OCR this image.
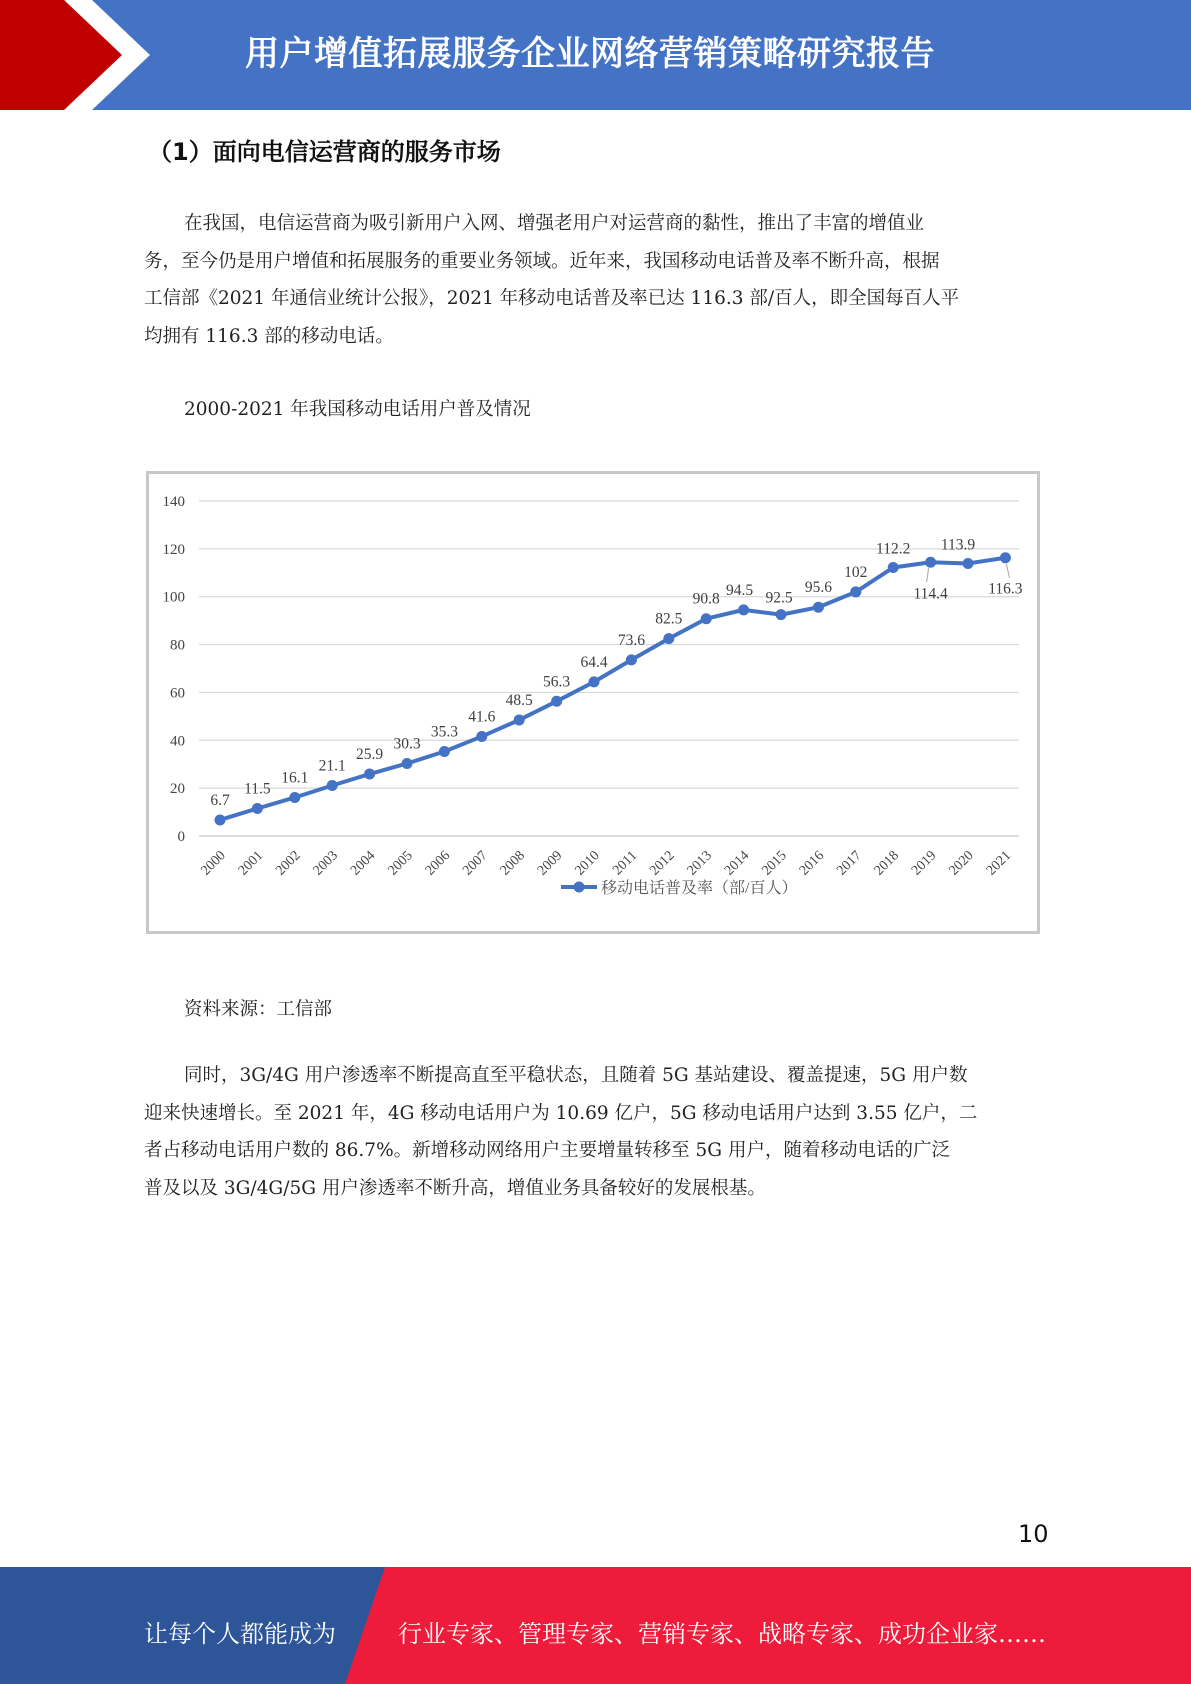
用户增值拓展服务企业网络营销策略研究报告
（1）面向电信运营商的服务市场
在我国，电信运营商为吸引新用户入网、增强老用户对运营商的黏性，推出了丰富的增值业
务，至今仍是用户增值和拓展服务的重要业务领域。近年来，我国移动电话普及率不断升高，根据
工信部《2021 年通信业统计公报》，2021 年移动电话普及率已达 116.3 部/百人，即全国每百人平
均拥有 116.3 部的移动电话。
2000-2021 年我国移动电话用户普及情况
0
20
40
60
80
100
120
140
2000 2001 2002 2003 2004 2005 2006 2007 2008 2009 2010 2011 2012 2013 2014 2015 2016 2017 2018 2019 2020 2021
6.7
11.5
16.1
21.1
25.9
30.3
35.3
41.6
48.5
56.3
64.4
73.6
82.5
90.8
94.5 92.5
95.6
102
112.2
114.4
113.9
116.3
移动电话普及率（部/百人）
资料来源：工信部
同时，3G/4G 用户渗透率不断提高直至平稳状态，且随着 5G 基站建设、覆盖提速，5G 用户数
迎来快速增长。至 2021 年，4G 移动电话用户为 10.69 亿户，5G 移动电话用户达到 3.55 亿户，二
者占移动电话用户数的 86.7%。新增移动网络用户主要增量转移至 5G 用户，随着移动电话的广泛
普及以及 3G/4G/5G 用户渗透率不断升高，增值业务具备较好的发展根基。
10
让每个人都能成为	行业专家、管理专家、营销专家、战略专家、成功企业家……
